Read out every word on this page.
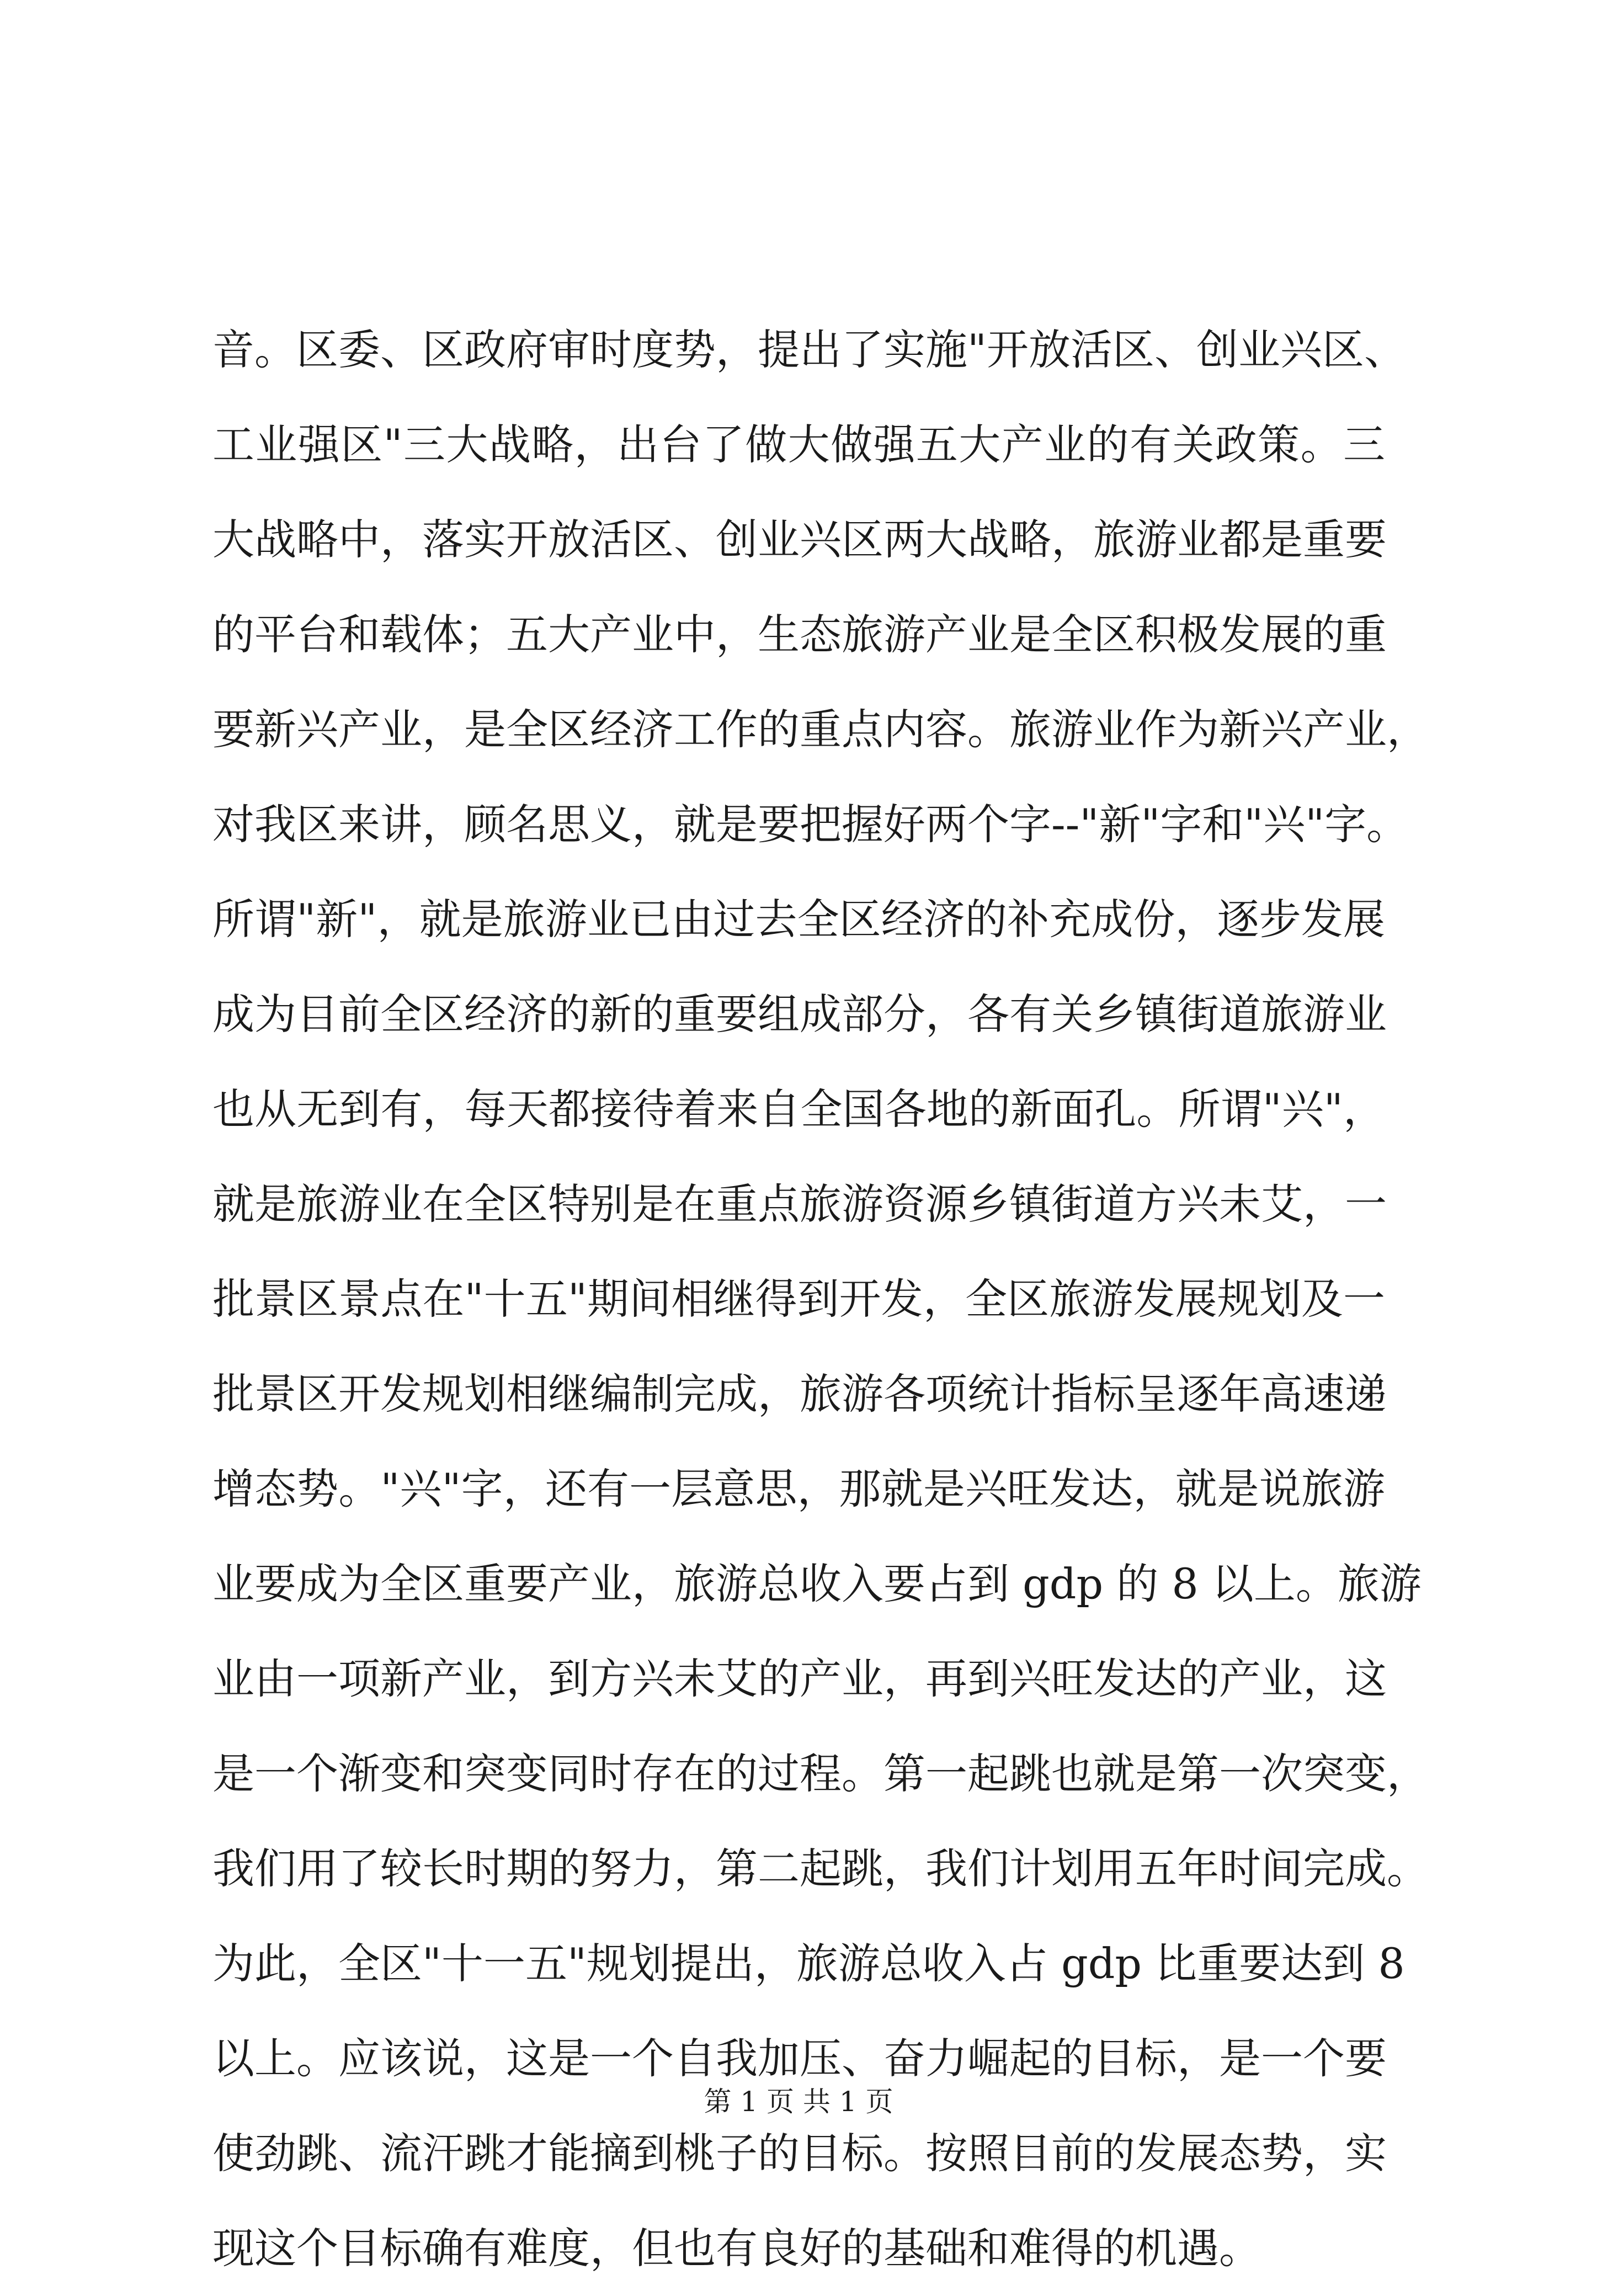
音。区委、区政府审时度势，提出了实施"开放活区、创业兴区、
工业强区"三大战略，出台了做大做强五大产业的有关政策。三
大战略中，落实开放活区、创业兴区两大战略，旅游业都是重要
的平台和载体；五大产业中，生态旅游产业是全区积极发展的重
要新兴产业，是全区经济工作的重点内容。旅游业作为新兴产业，
对我区来讲，顾名思义，就是要把握好两个字--"新"字和"兴"字。
所谓"新"，就是旅游业已由过去全区经济的补充成份，逐步发展
成为目前全区经济的新的重要组成部分，各有关乡镇街道旅游业
也从无到有，每天都接待着来自全国各地的新面孔。所谓"兴"，
就是旅游业在全区特别是在重点旅游资源乡镇街道方兴未艾，一
批景区景点在"十五"期间相继得到开发，全区旅游发展规划及一
批景区开发规划相继编制完成，旅游各项统计指标呈逐年高速递
增态势。"兴"字，还有一层意思，那就是兴旺发达，就是说旅游
业要成为全区重要产业，旅游总收入要占到 gdp 的 8 以上。旅游
业由一项新产业，到方兴未艾的产业，再到兴旺发达的产业，这
是一个渐变和突变同时存在的过程。第一起跳也就是第一次突变，
我们用了较长时期的努力，第二起跳，我们计划用五年时间完成。
为此，全区"十一五"规划提出，旅游总收入占 gdp 比重要达到 8
以上。应该说，这是一个自我加压、奋力崛起的目标，是一个要
使劲跳、流汗跳才能摘到桃子的目标。按照目前的发展态势，实
现这个目标确有难度，但也有良好的基础和难得的机遇。
第 1 页 共 1 页
